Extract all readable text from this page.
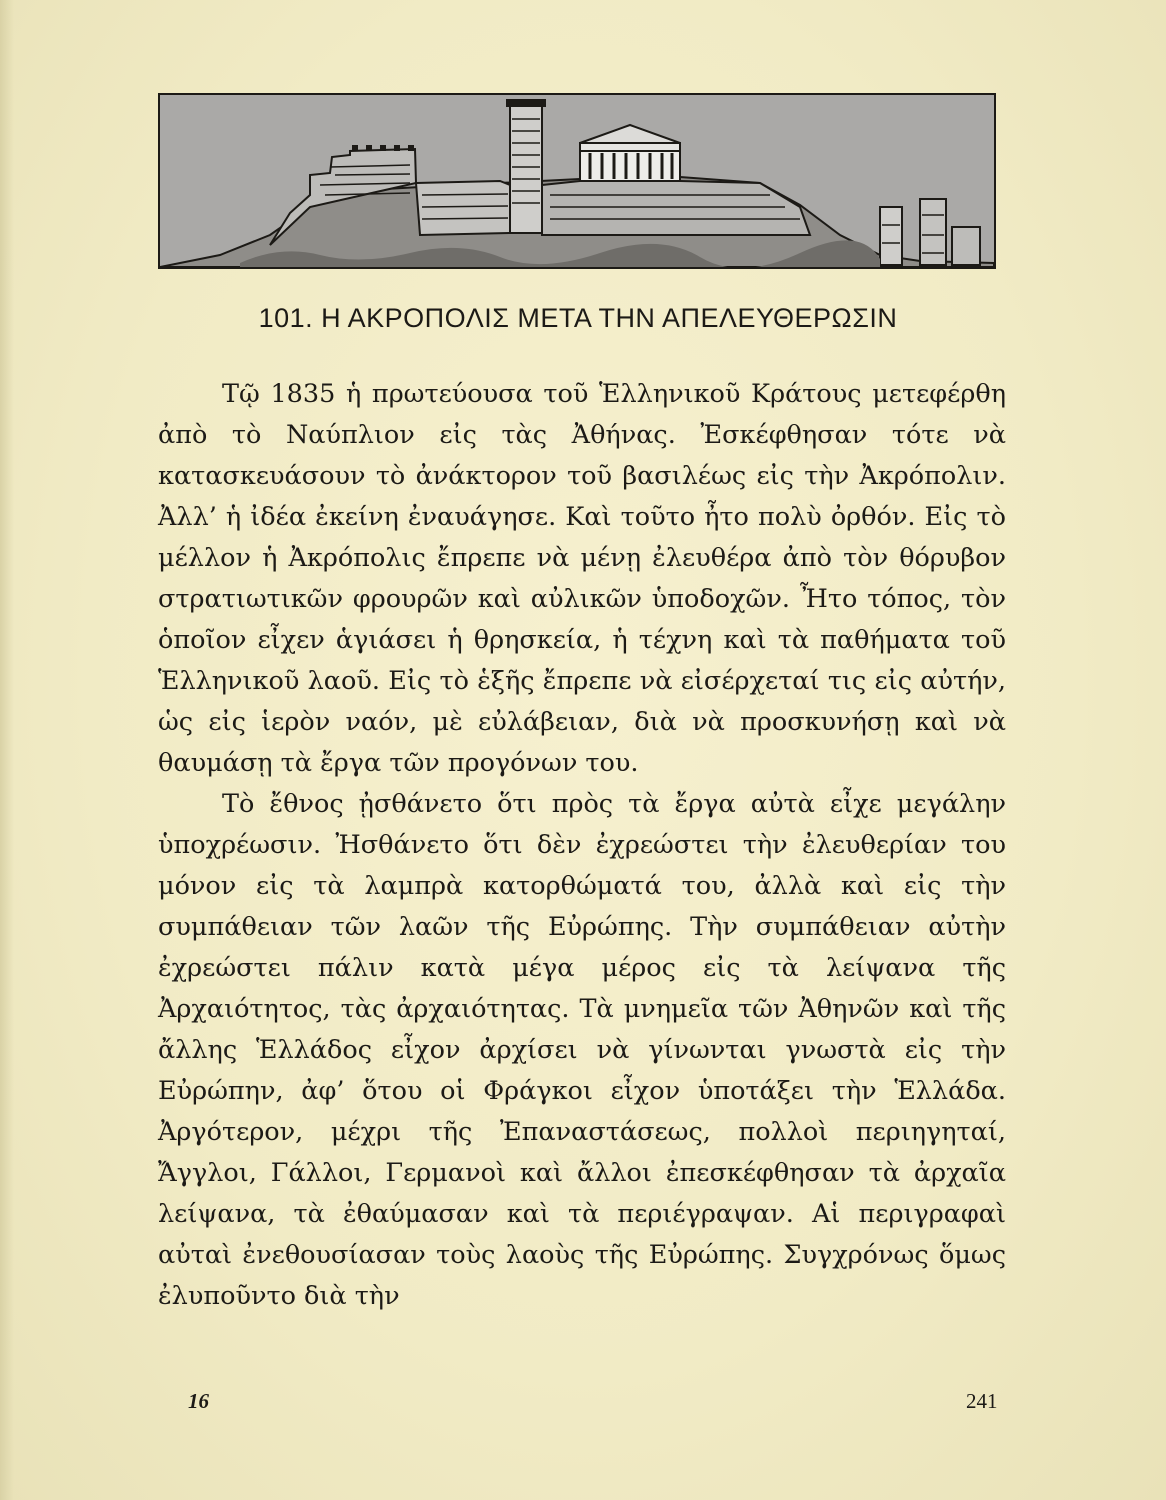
101. Η ΑΚΡΟΠΟΛΙΣ ΜΕΤΑ ΤΗΝ ΑΠΕΛΕΥΘΕΡΩΣΙΝ

Τῷ 1835 ἡ πρωτεύουσα τοῦ Ἑλληνικοῦ Κράτους μετεφέρθη ἀπὸ τὸ Ναύπλιον εἰς τὰς Ἀθήνας. Ἐσκέφθησαν τότε νὰ κατασκευάσουν τὸ ἀνάκτορον τοῦ βασιλέως εἰς τὴν Ἀκρόπολιν. Ἀλλ’ ἡ ἰδέα ἐκείνη ἐναυάγησε. Καὶ τοῦτο ἦτο πολὺ ὀρθόν. Εἰς τὸ μέλλον ἡ Ἀκρόπολις ἔπρεπε νὰ μένῃ ἐλευθέρα ἀπὸ τὸν θόρυβον στρατιωτικῶν φρουρῶν καὶ αὐλικῶν ὑποδοχῶν. Ἦτο τόπος, τὸν ὁποῖον εἶχεν ἁγιάσει ἡ θρησκεία, ἡ τέχνη καὶ τὰ παθήματα τοῦ Ἑλληνικοῦ λαοῦ. Εἰς τὸ ἑξῆς ἔπρεπε νὰ εἰσέρχεταί τις εἰς αὐτήν, ὡς εἰς ἱερὸν ναόν, μὲ εὐλάβειαν, διὰ νὰ προσκυνήσῃ καὶ νὰ θαυμάσῃ τὰ ἔργα τῶν προγόνων του.

Τὸ ἔθνος ᾐσθάνετο ὅτι πρὸς τὰ ἔργα αὐτὰ εἶχε μεγάλην ὑποχρέωσιν. Ἠσθάνετο ὅτι δὲν ἐχρεώστει τὴν ἐλευθερίαν του μόνον εἰς τὰ λαμπρὰ κατορθώματά του, ἀλλὰ καὶ εἰς τὴν συμπάθειαν τῶν λαῶν τῆς Εὐρώπης. Τὴν συμπάθειαν αὐτὴν ἐχρεώστει πάλιν κατὰ μέγα μέρος εἰς τὰ λείψανα τῆς Ἀρχαιότητος, τὰς ἀρχαιότητας. Τὰ μνημεῖα τῶν Ἀθηνῶν καὶ τῆς ἄλλης Ἑλλάδος εἶχον ἀρχίσει νὰ γίνωνται γνωστὰ εἰς τὴν Εὐρώπην, ἀφ’ ὅτου οἱ Φράγκοι εἶχον ὑποτάξει τὴν Ἑλλάδα. Ἀργότερον, μέχρι τῆς Ἐπαναστάσεως, πολλοὶ περιηγηταί, Ἄγγλοι, Γάλλοι, Γερμανοὶ καὶ ἄλλοι ἐπεσκέφθησαν τὰ ἀρχαῖα λείψανα, τὰ ἐθαύμασαν καὶ τὰ περιέγραψαν. Αἱ περιγραφαὶ αὐταὶ ἐνεθουσίασαν τοὺς λαοὺς τῆς Εὐρώπης. Συγχρόνως ὅμως ἐλυποῦντο διὰ τὴν

16	241
